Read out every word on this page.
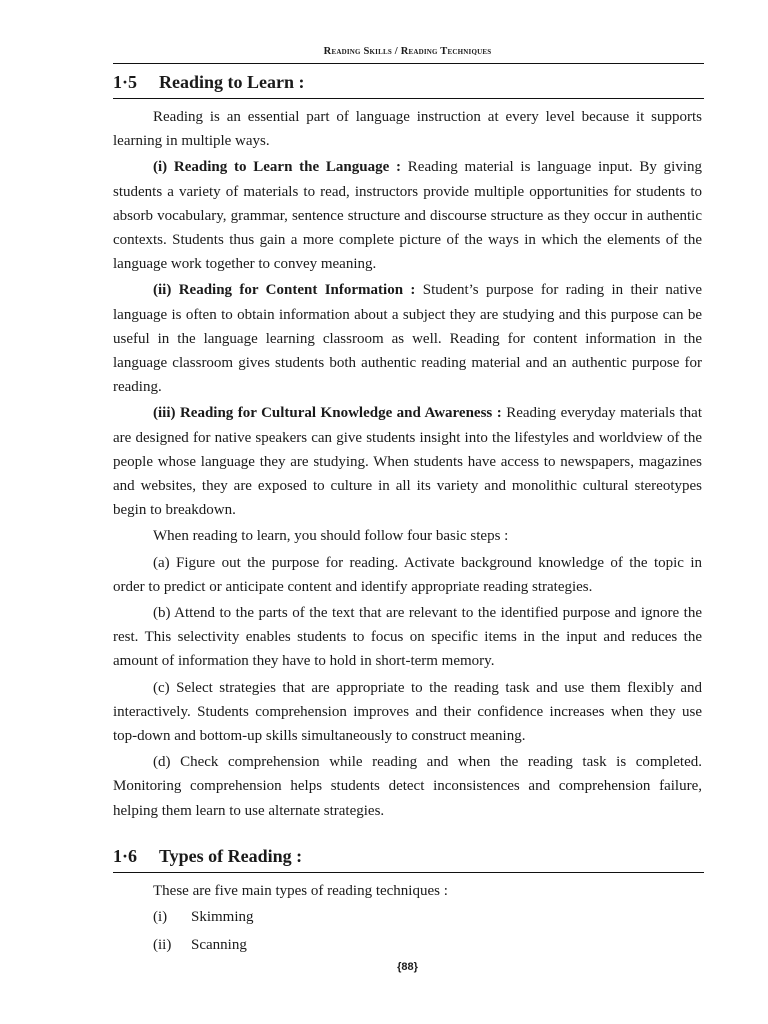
Reading Skills / Reading Techniques
1·5	Reading to Learn :

Reading is an essential part of language instruction at every level because it supports learning in multiple ways.

(i) Reading to Learn the Language : Reading material is language input. By giving students a variety of materials to read, instructors provide multiple opportunities for students to absorb vocabulary, grammar, sentence structure and discourse structure as they occur in authentic contexts. Students thus gain a more complete picture of the ways in which the elements of the language work together to convey meaning.

(ii) Reading for Content Information : Student’s purpose for rading in their native language is often to obtain information about a subject they are studying and this purpose can be useful in the language learning classroom as well. Reading for content information in the language classroom gives students both authentic reading material and an authentic purpose for reading.

(iii) Reading for Cultural Knowledge and Awareness : Reading everyday materials that are designed for native speakers can give students insight into the lifestyles and worldview of the people whose language they are studying. When students have access to newspapers, magazines and websites, they are exposed to culture in all its variety and monolithic cultural stereotypes begin to breakdown.

When reading to learn, you should follow four basic steps :

(a) Figure out the purpose for reading. Activate background knowledge of the topic in order to predict or anticipate content and identify appropriate reading strategies.

(b) Attend to the parts of the text that are relevant to the identified purpose and ignore the rest. This selectivity enables students to focus on specific items in the input and reduces the amount of information they have to hold in short-term memory.

(c) Select strategies that are appropriate to the reading task and use them flexibly and interactively. Students comprehension improves and their confidence increases when they use top-down and bottom-up skills simultaneously to construct meaning.

(d) Check comprehension while reading and when the reading task is completed. Monitoring comprehension helps students detect inconsistences and comprehension failure, helping them learn to use alternate strategies.

1·6	Types of Reading :

These are five main types of reading techniques :

(i)	Skimming
(ii)	Scanning
{88}
